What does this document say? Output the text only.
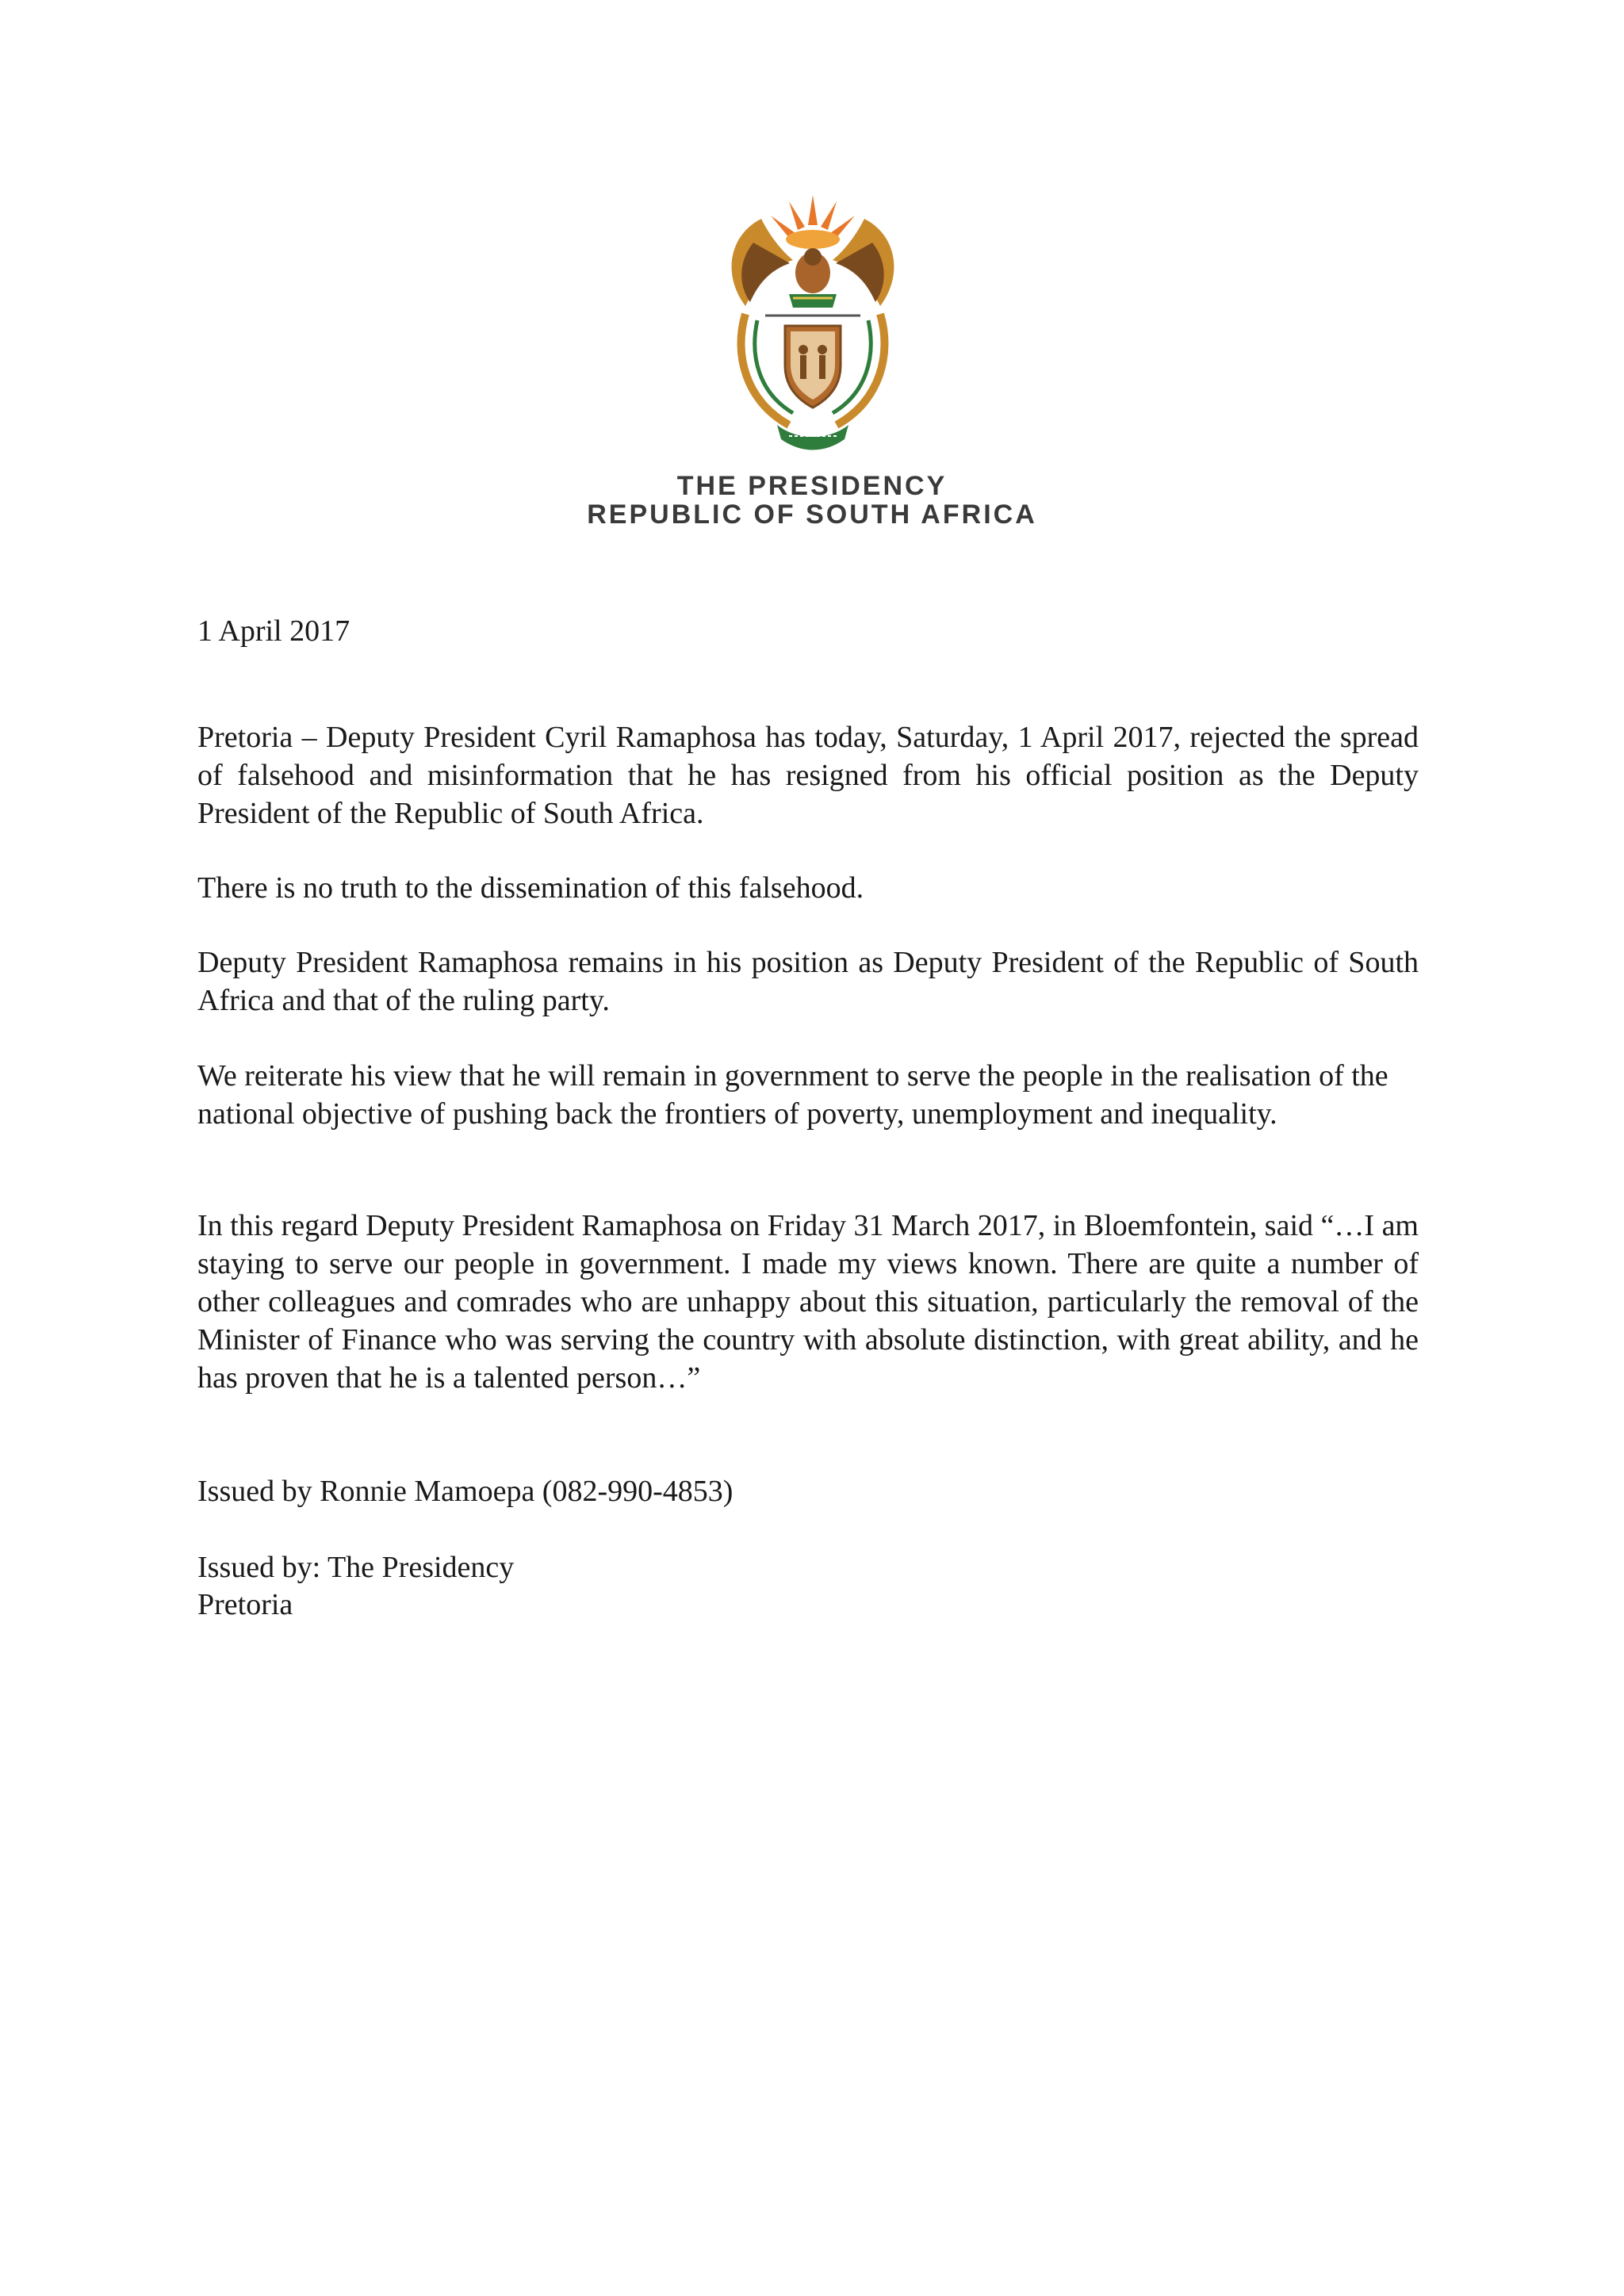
THE PRESIDENCY
REPUBLIC OF SOUTH AFRICA

1 April 2017

Pretoria – Deputy President Cyril Ramaphosa has today, Saturday, 1 April 2017, rejected the spread of falsehood and misinformation that he has resigned from his official position as the Deputy President of the Republic of South Africa.

There is no truth to the dissemination of this falsehood.

Deputy President Ramaphosa remains in his position as Deputy President of the Republic of South Africa and that of the ruling party.

We reiterate his view that he will remain in government to serve the people in the realisation of the national objective of pushing back the frontiers of poverty, unemployment and inequality.

In this regard Deputy President Ramaphosa on Friday 31 March 2017, in Bloemfontein, said “…I am staying to serve our people in government. I made my views known. There are quite a number of other colleagues and comrades who are unhappy about this situation, particularly the removal of the Minister of Finance who was serving the country with absolute distinction, with great ability, and he has proven that he is a talented person…”

Issued by Ronnie Mamoepa (082-990-4853)

Issued by: The Presidency

Pretoria
